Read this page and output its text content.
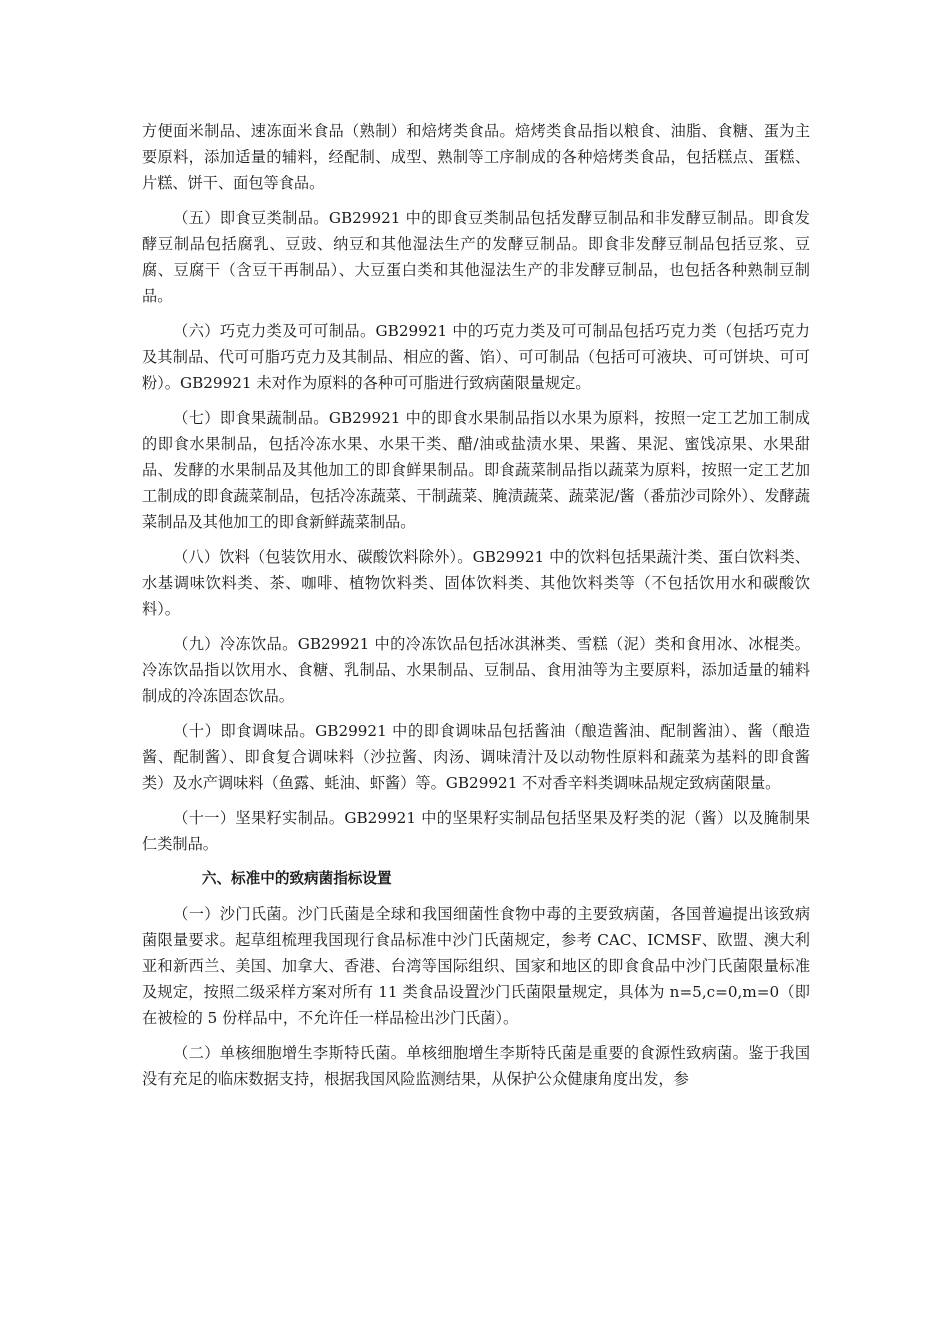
方便面米制品、速冻面米食品（熟制）和焙烤类食品。焙烤类食品指以粮食、油脂、食糖、蛋为主要原料，添加适量的辅料，经配制、成型、熟制等工序制成的各种焙烤类食品，包括糕点、蛋糕、片糕、饼干、面包等食品。

（五）即食豆类制品。GB29921 中的即食豆类制品包括发酵豆制品和非发酵豆制品。即食发酵豆制品包括腐乳、豆豉、纳豆和其他湿法生产的发酵豆制品。即食非发酵豆制品包括豆浆、豆腐、豆腐干（含豆干再制品）、大豆蛋白类和其他湿法生产的非发酵豆制品，也包括各种熟制豆制品。

（六）巧克力类及可可制品。GB29921 中的巧克力类及可可制品包括巧克力类（包括巧克力及其制品、代可可脂巧克力及其制品、相应的酱、馅）、可可制品（包括可可液块、可可饼块、可可粉）。GB29921 未对作为原料的各种可可脂进行致病菌限量规定。

（七）即食果蔬制品。GB29921 中的即食水果制品指以水果为原料，按照一定工艺加工制成的即食水果制品，包括冷冻水果、水果干类、醋/油或盐渍水果、果酱、果泥、蜜饯凉果、水果甜品、发酵的水果制品及其他加工的即食鲜果制品。即食蔬菜制品指以蔬菜为原料，按照一定工艺加工制成的即食蔬菜制品，包括冷冻蔬菜、干制蔬菜、腌渍蔬菜、蔬菜泥/酱（番茄沙司除外）、发酵蔬菜制品及其他加工的即食新鲜蔬菜制品。

（八）饮料（包装饮用水、碳酸饮料除外）。GB29921 中的饮料包括果蔬汁类、蛋白饮料类、水基调味饮料类、茶、咖啡、植物饮料类、固体饮料类、其他饮料类等（不包括饮用水和碳酸饮料）。

（九）冷冻饮品。GB29921 中的冷冻饮品包括冰淇淋类、雪糕（泥）类和食用冰、冰棍类。冷冻饮品指以饮用水、食糖、乳制品、水果制品、豆制品、食用油等为主要原料，添加适量的辅料制成的冷冻固态饮品。

（十）即食调味品。GB29921 中的即食调味品包括酱油（酿造酱油、配制酱油）、酱（酿造酱、配制酱）、即食复合调味料（沙拉酱、肉汤、调味清汁及以动物性原料和蔬菜为基料的即食酱类）及水产调味料（鱼露、蚝油、虾酱）等。GB29921 不对香辛料类调味品规定致病菌限量。

（十一）坚果籽实制品。GB29921 中的坚果籽实制品包括坚果及籽类的泥（酱）以及腌制果仁类制品。

六、标准中的致病菌指标设置

（一）沙门氏菌。沙门氏菌是全球和我国细菌性食物中毒的主要致病菌，各国普遍提出该致病菌限量要求。起草组梳理我国现行食品标准中沙门氏菌规定，参考 CAC、ICMSF、欧盟、澳大利亚和新西兰、美国、加拿大、香港、台湾等国际组织、国家和地区的即食食品中沙门氏菌限量标准及规定，按照二级采样方案对所有 11 类食品设置沙门氏菌限量规定，具体为 n=5,c=0,m=0（即在被检的 5 份样品中，不允许任一样品检出沙门氏菌）。

（二）单核细胞增生李斯特氏菌。单核细胞增生李斯特氏菌是重要的食源性致病菌。鉴于我国没有充足的临床数据支持，根据我国风险监测结果，从保护公众健康角度出发，参
